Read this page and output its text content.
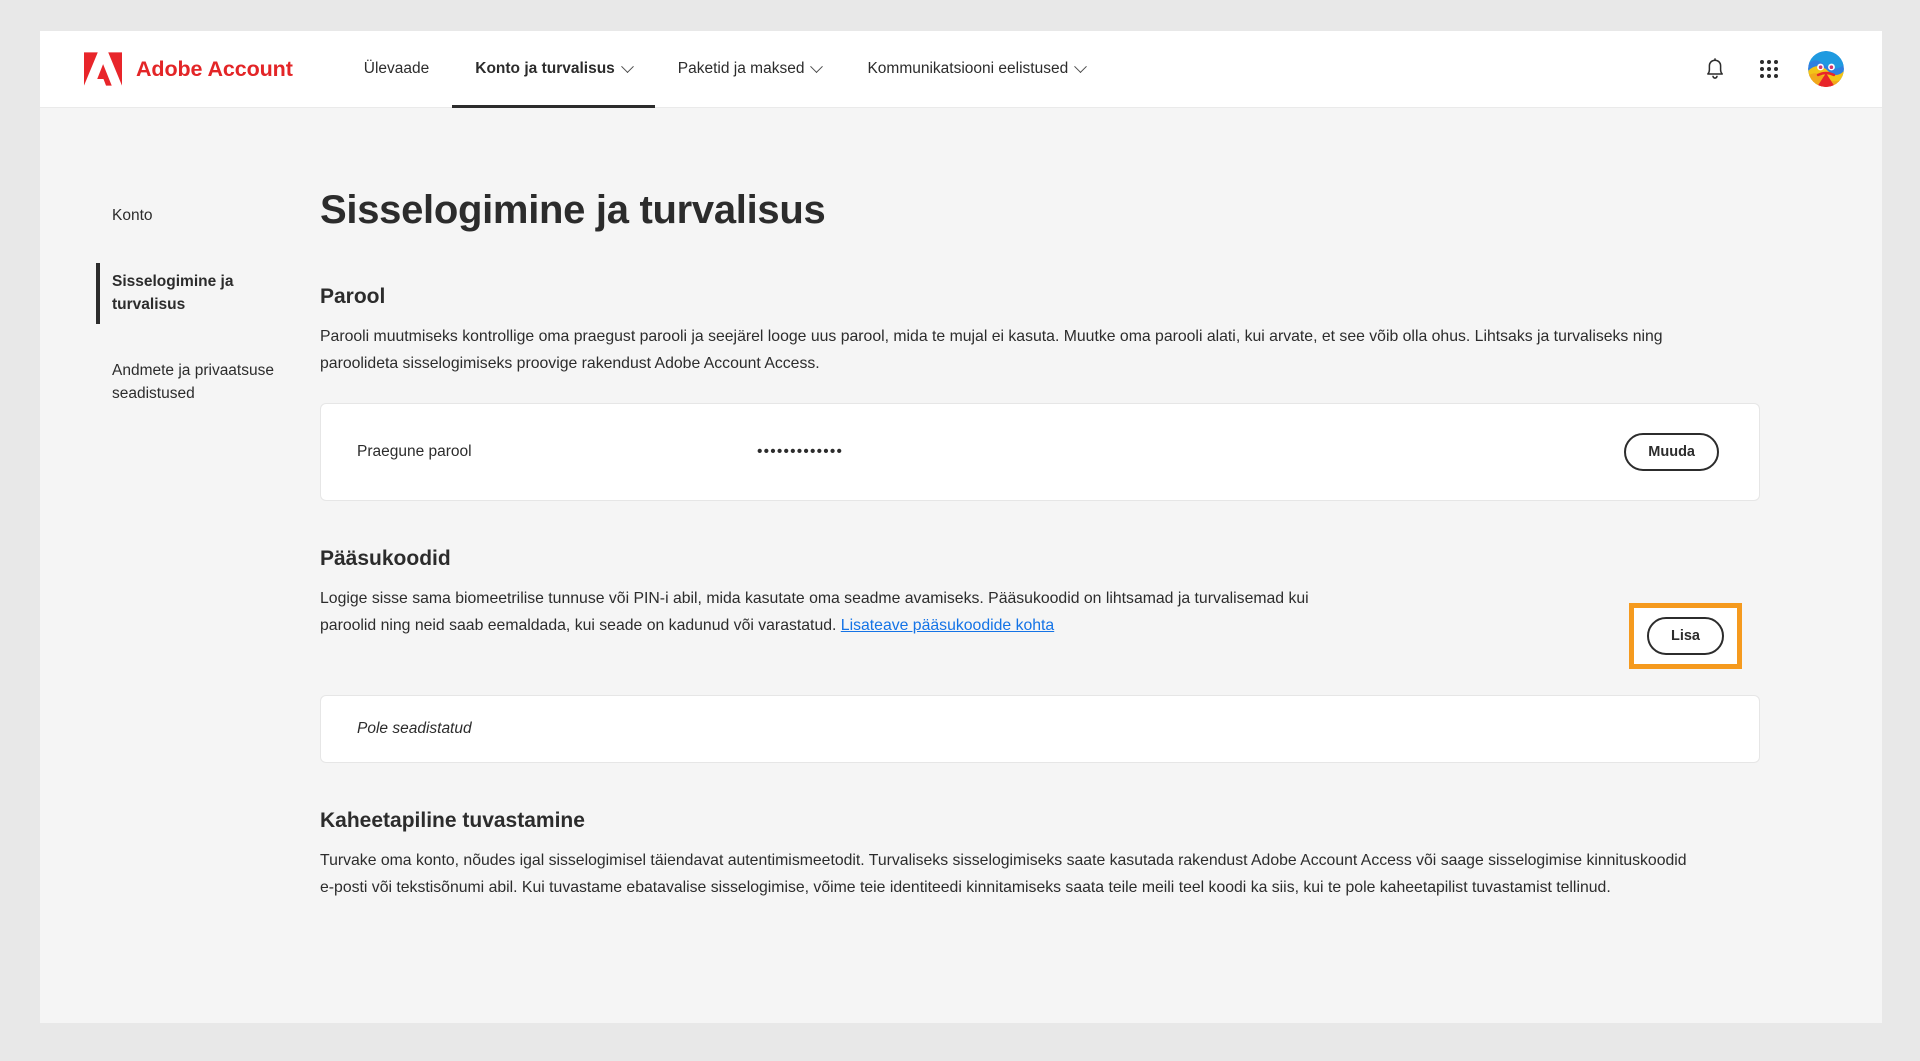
Adobe Account	Ülevaade	Konto ja turvalisus	Paketid ja maksed	Kommunikatsiooni eelistused
Konto
Sisselogimine ja turvalisus
Andmete ja privaatsuse seadistused
Sisselogimine ja turvalisus
Parool

Parooli muutmiseks kontrollige oma praegust parooli ja seejärel looge uus parool, mida te mujal ei kasuta. Muutke oma parooli alati, kui arvate, et see võib olla ohus. Lihtsaks ja turvaliseks ning paroolideta sisselogimiseks proovige rakendust Adobe Account Access.

Praegune parool	•••••••••••••	Muuda
Pääsukoodid

Logige sisse sama biomeetrilise tunnuse või PIN-i abil, mida kasutate oma seadme avamiseks. Pääsukoodid on lihtsamad ja turvalisemad kui paroolid ning neid saab eemaldada, kui seade on kadunud või varastatud. Lisateave pääsukoodide kohta

Lisa
Pole seadistatud
Kaheetapiline tuvastamine

Turvake oma konto, nõudes igal sisselogimisel täiendavat autentimismeetodit. Turvaliseks sisselogimiseks saate kasutada rakendust Adobe Account Access või saage sisselogimise kinnituskoodid e-posti või tekstisõnumi abil. Kui tuvastame ebatavalise sisselogimise, võime teie identiteedi kinnitamiseks saata teile meili teel koodi ka siis, kui te pole kaheetapilist tuvastamist tellinud.
